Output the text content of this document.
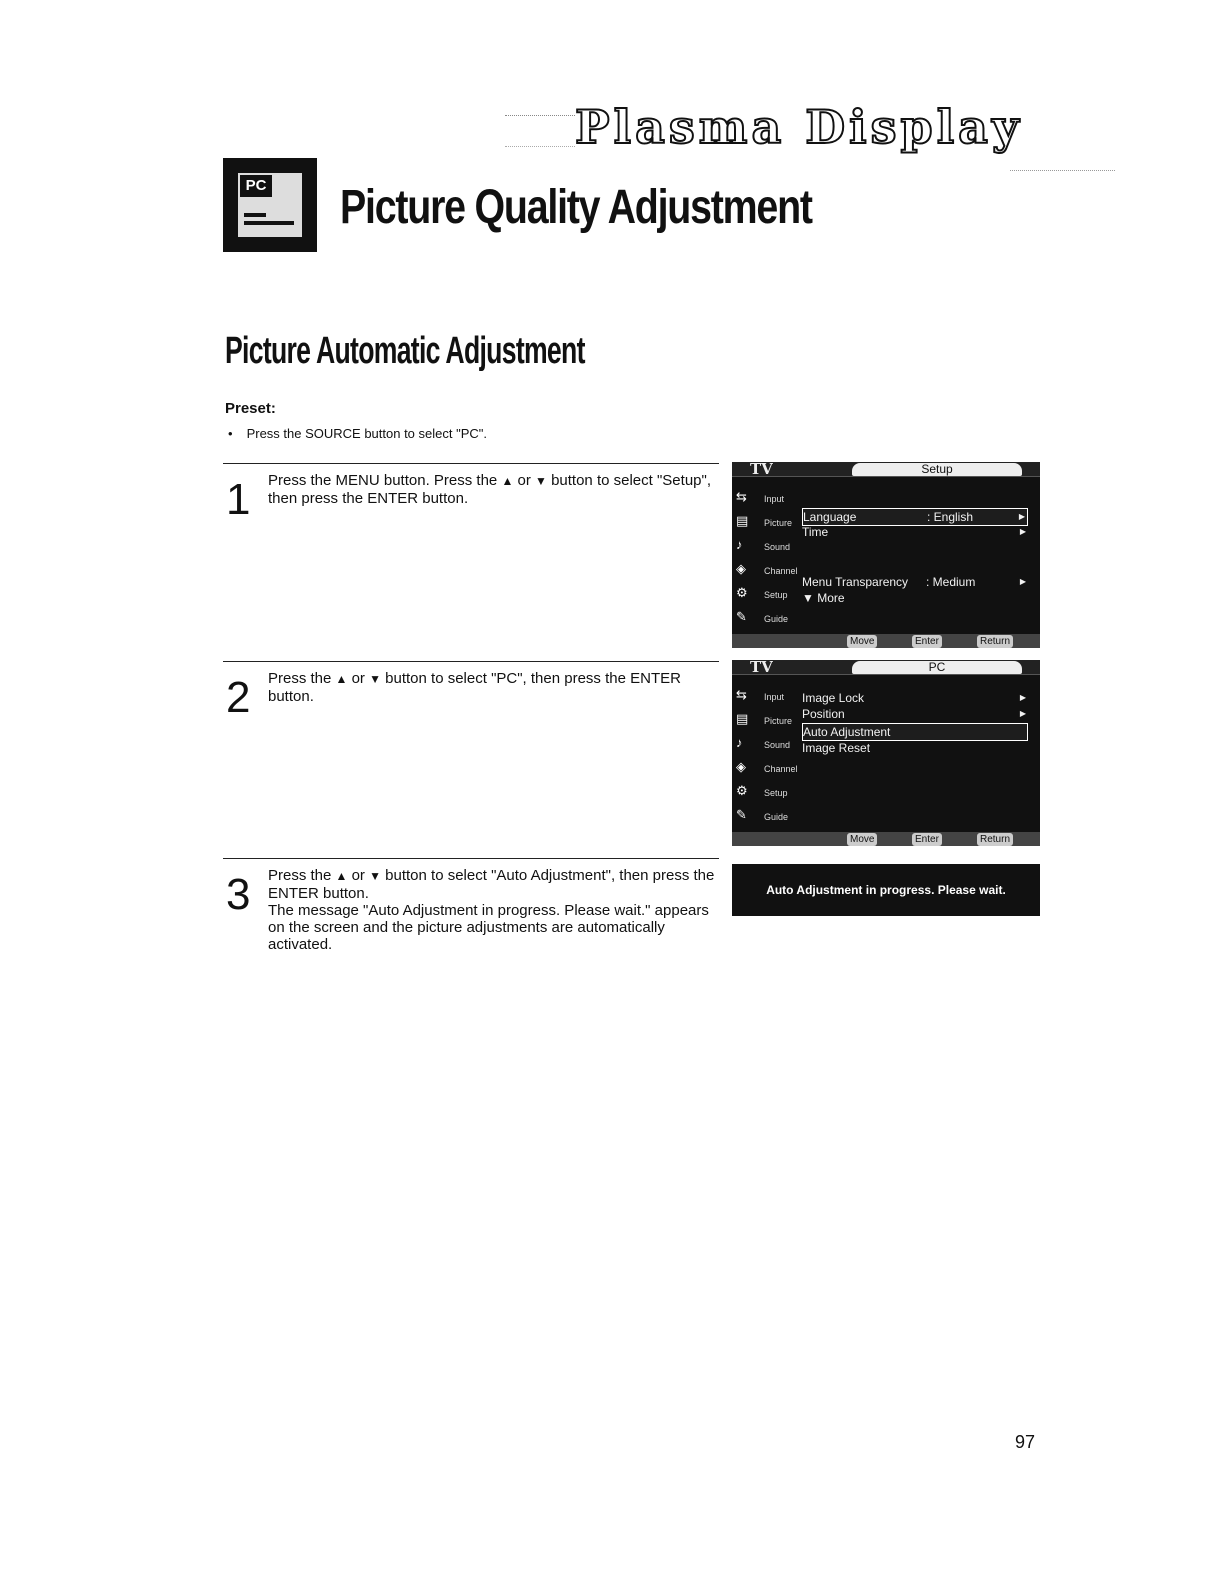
Plasma Display
PC Picture Quality Adjustment
Picture Automatic Adjustment
Preset:
• Press the SOURCE button to select "PC".
1 Press the MENU button. Press the ▲ or ▼ button to select "Setup", then press the ENTER button.
TV	Setup
⇆	Input
▤ Picture
♪	Sound
◈	Channel
⚙ Setup
✎	Guide
Language	: English	▶
Time	▶
Menu Transparency : Medium	▶
▼ More
Move	Enter	Return
2 Press the ▲ or ▼ button to select "PC", then press the ENTER button.
TV	PC
⇆	Input
▤ Picture
♪	Sound
◈	Channel
⚙ Setup
✎	Guide
Image Lock	▶
Position	▶
Auto Adjustment
Image Reset
Move	Enter	Return
3 Press the ▲ or ▼ button to select "Auto Adjustment", then press the ENTER button.
The message "Auto Adjustment in progress. Please wait." appears on the screen and the picture adjustments are automatically activated.
Auto Adjustment in progress. Please wait.
97
